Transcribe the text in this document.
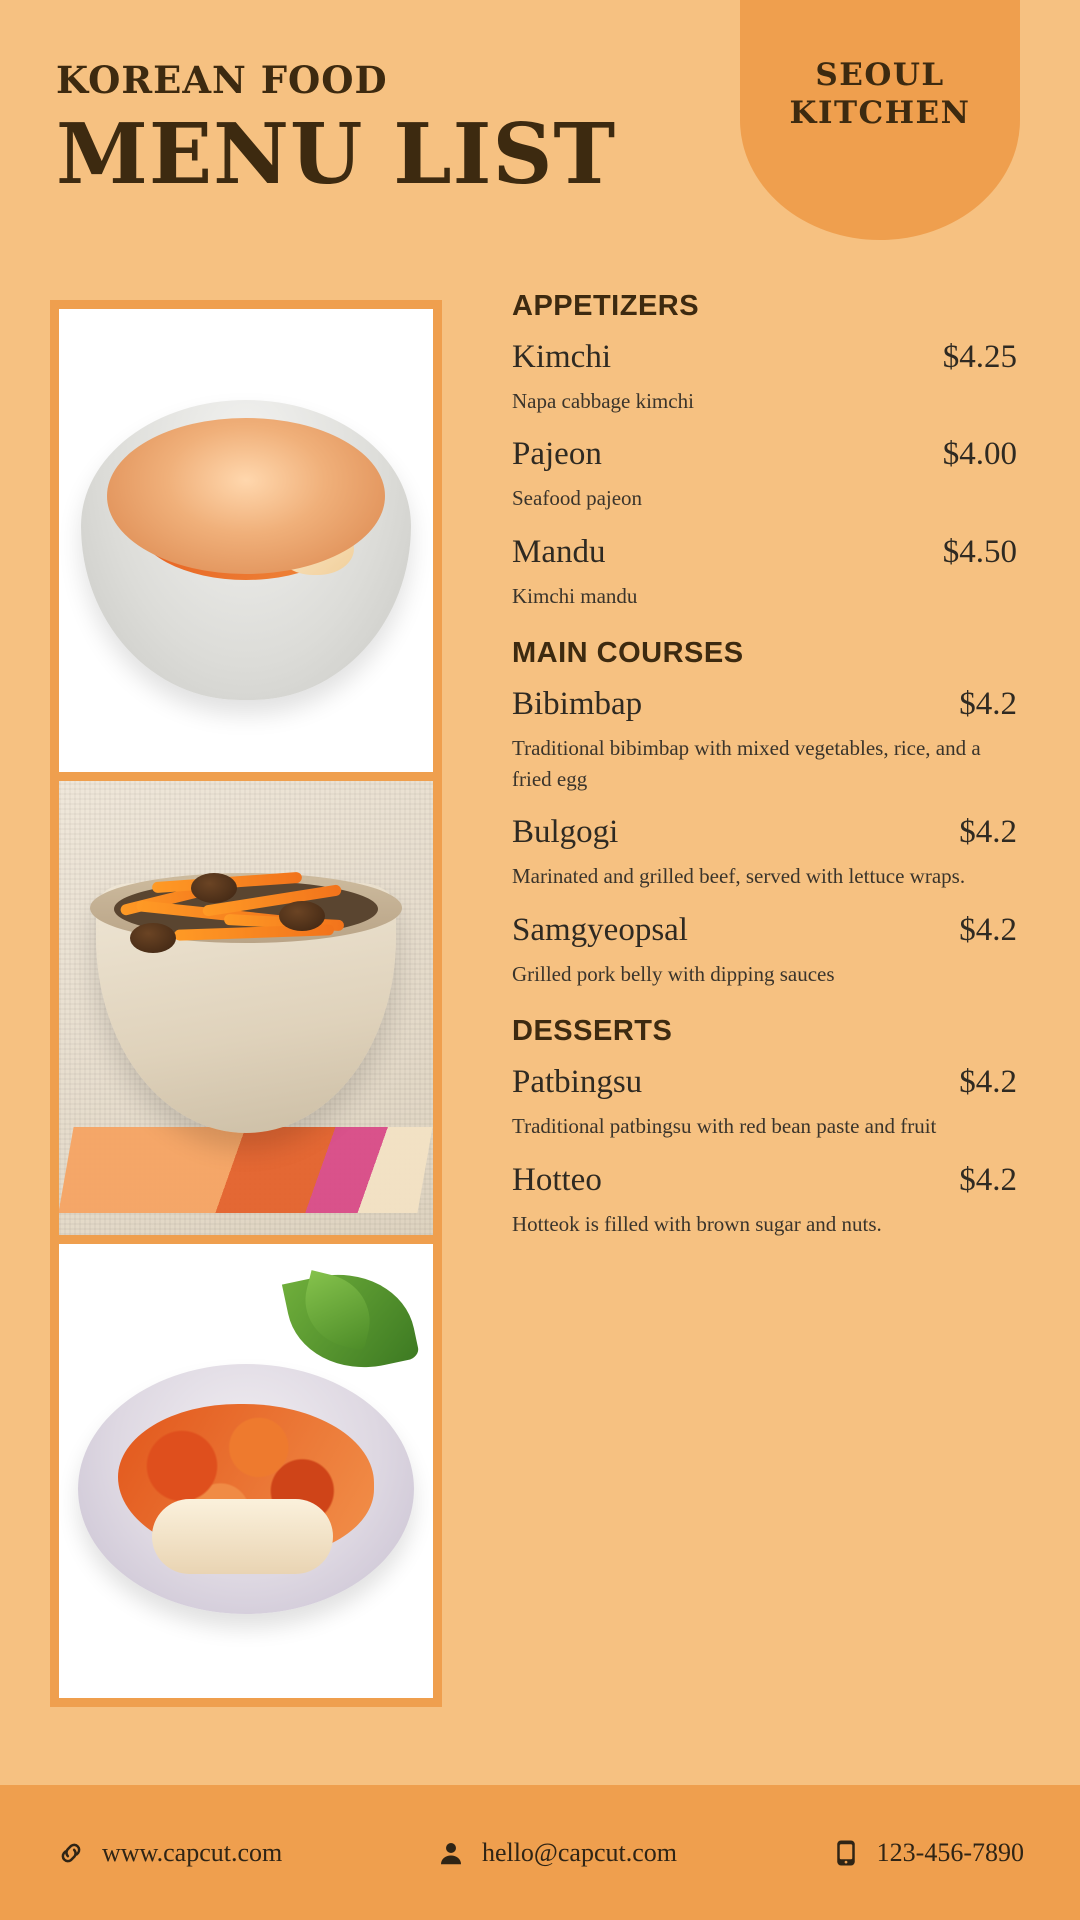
SEOUL
KITCHEN
KOREAN FOOD
MENU LIST
APPETIZERS
Kimchi	$4.25
Napa cabbage kimchi
Pajeon	$4.00
Seafood pajeon
Mandu	$4.50
Kimchi mandu
MAIN COURSES
Bibimbap	$4.2
Traditional bibimbap with mixed vegetables, rice, and a fried egg
Bulgogi	$4.2
Marinated and grilled beef, served with lettuce wraps.
Samgyeopsal	$4.2
Grilled pork belly with dipping sauces
DESSERTS
Patbingsu	$4.2
Traditional patbingsu with red bean paste and fruit
Hotteo	$4.2
Hotteok is filled with brown sugar and nuts.
www.capcut.com	hello@capcut.com	123-456-7890
